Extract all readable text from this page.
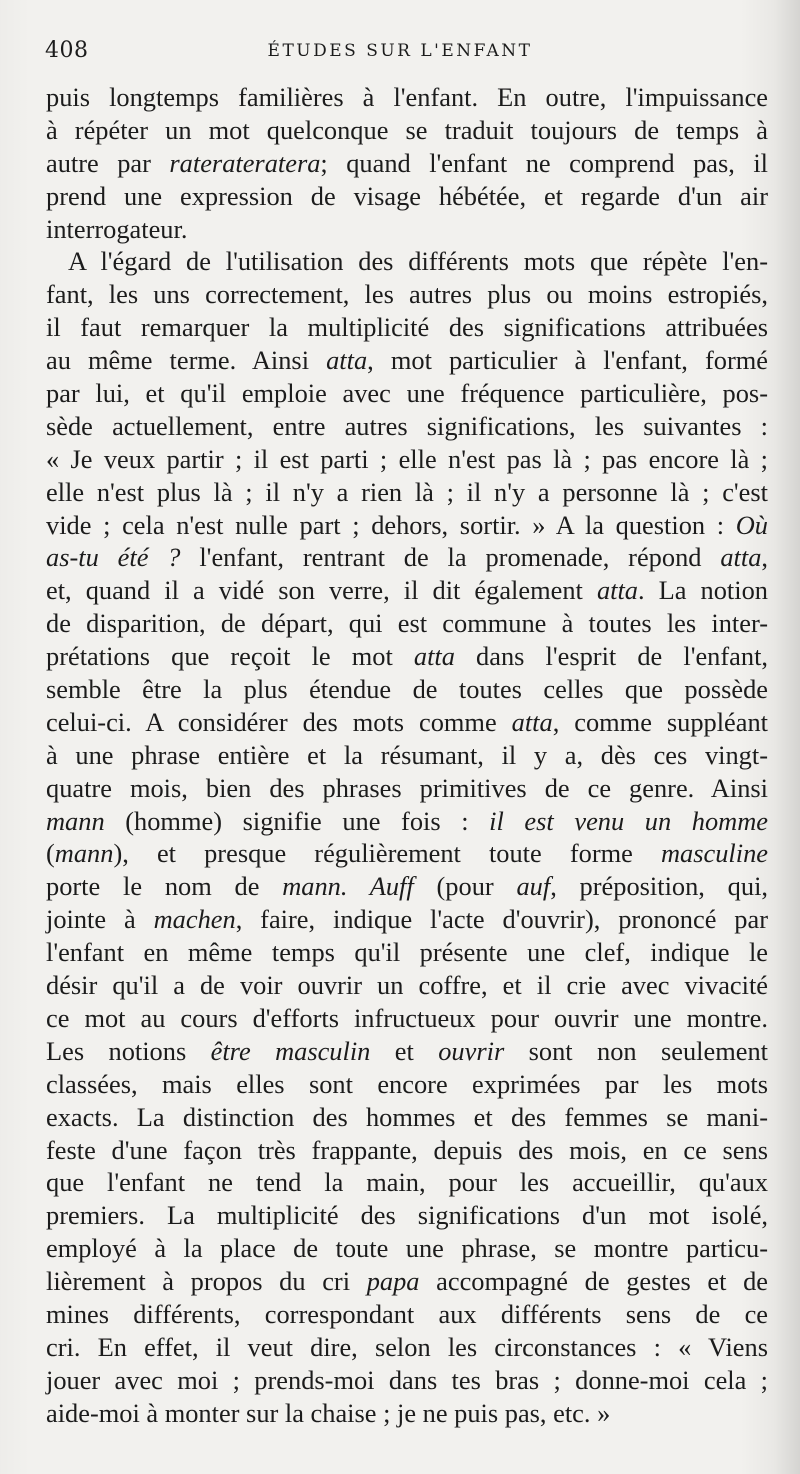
408	ÉTUDES SUR L'ENFANT
puis longtemps familières à l'enfant. En outre, l'impuissance
à répéter un mot quelconque se traduit toujours de temps à
autre par raterateratera; quand l'enfant ne comprend pas, il
prend une expression de visage hébétée, et regarde d'un air
interrogateur.
A l'égard de l'utilisation des différents mots que répète l'en-
fant, les uns correctement, les autres plus ou moins estropiés,
il faut remarquer la multiplicité des significations attribuées
au même terme. Ainsi atta, mot particulier à l'enfant, formé
par lui, et qu'il emploie avec une fréquence particulière, pos-
sède actuellement, entre autres significations, les suivantes :
« Je veux partir ; il est parti ; elle n'est pas là ; pas encore là ;
elle n'est plus là ; il n'y a rien là ; il n'y a personne là ; c'est
vide ; cela n'est nulle part ; dehors, sortir. » A la question : Où
as-tu été ? l'enfant, rentrant de la promenade, répond atta,
et, quand il a vidé son verre, il dit également atta. La notion
de disparition, de départ, qui est commune à toutes les inter-
prétations que reçoit le mot atta dans l'esprit de l'enfant,
semble être la plus étendue de toutes celles que possède
celui-ci. A considérer des mots comme atta, comme suppléant
à une phrase entière et la résumant, il y a, dès ces vingt-
quatre mois, bien des phrases primitives de ce genre. Ainsi
mann (homme) signifie une fois : il est venu un homme
(mann), et presque régulièrement toute forme masculine
porte le nom de mann. Auff (pour auf, préposition, qui,
jointe à machen, faire, indique l'acte d'ouvrir), prononcé par
l'enfant en même temps qu'il présente une clef, indique le
désir qu'il a de voir ouvrir un coffre, et il crie avec vivacité
ce mot au cours d'efforts infructueux pour ouvrir une montre.
Les notions être masculin et ouvrir sont non seulement
classées, mais elles sont encore exprimées par les mots
exacts. La distinction des hommes et des femmes se mani-
feste d'une façon très frappante, depuis des mois, en ce sens
que l'enfant ne tend la main, pour les accueillir, qu'aux
premiers. La multiplicité des significations d'un mot isolé,
employé à la place de toute une phrase, se montre particu-
lièrement à propos du cri papa accompagné de gestes et de
mines différents, correspondant aux différents sens de ce
cri. En effet, il veut dire, selon les circonstances : « Viens
jouer avec moi ; prends-moi dans tes bras ; donne-moi cela ;
aide-moi à monter sur la chaise ; je ne puis pas, etc. »
